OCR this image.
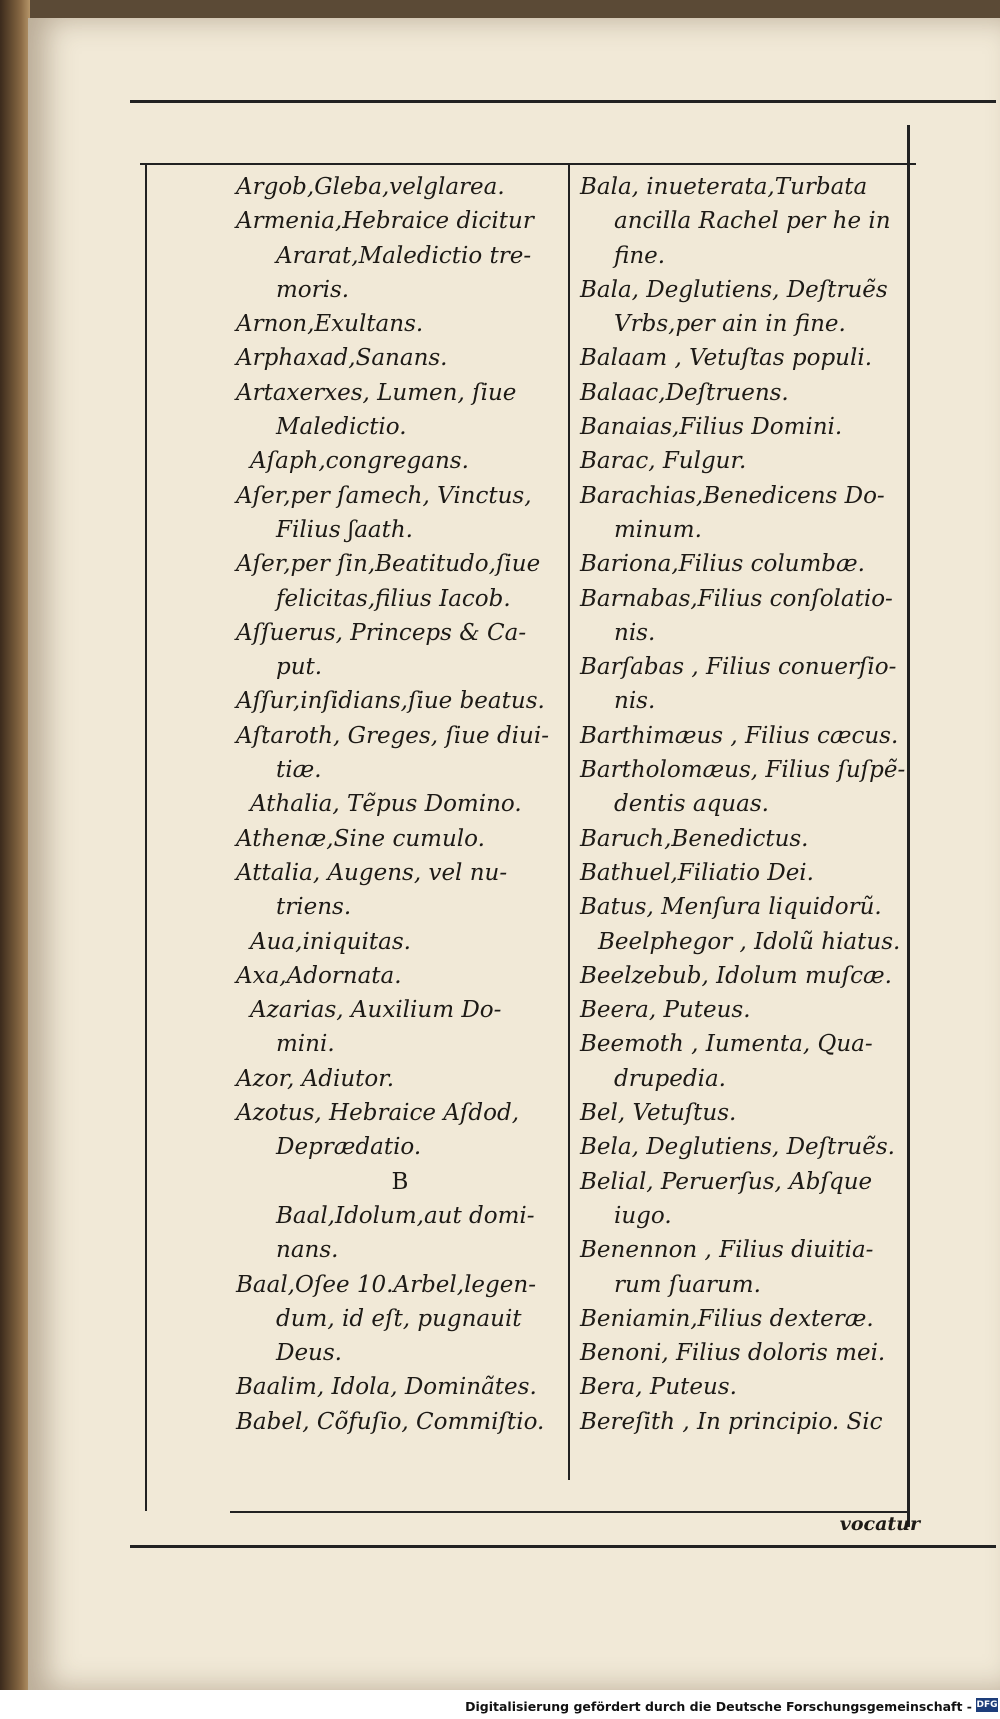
Argob,Gleba,velglarea.
Armenia,Hebraice dicitur
Ararat,Maledictio tre-
moris.
Arnon,Exultans.
Arphaxad,Sanans.
Artaxerxes, Lumen, ſiue
Maledictio.
Aſaph,congregans.
Aſer,per ſamech, Vinctus,
Filius ʃaath.
Aſer,per ſin,Beatitudo,ſiue
felicitas,filius Iacob.
Aſſuerus, Princeps & Ca-
put.
Aſſur,inſidians,ſiue beatus.
Aſtaroth, Greges, ſiue diui-
tiæ.
Athalia, Tẽpus Domino.
Athenæ,Sine cumulo.
Attalia, Augens, vel nu-
triens.
Aua,iniquitas.
Axa,Adornata.
Azarias, Auxilium Do-
mini.
Azor, Adiutor.
Azotus, Hebraice Aſdod,
Deprædatio.
B
Baal,Idolum,aut domi-
nans.
Baal,Oſee 10.Arbel,legen-
dum, id eſt, pugnauit
Deus.
Baalim, Idola, Dominãtes.
Babel, Cõfuſio, Commiſtio.
Bala, inueterata,Turbata
ancilla Rachel per he in
fine.
Bala, Deglutiens, Deſtruẽs
Vrbs,per ain in fine.
Balaam , Vetuſtas populi.
Balaac,Deſtruens.
Banaias,Filius Domini.
Barac, Fulgur.
Barachias,Benedicens Do-
minum.
Bariona,Filius columbæ.
Barnabas,Filius conſolatio-
nis.
Barſabas , Filius conuerſio-
nis.
Barthimæus , Filius cæcus.
Bartholomæus, Filius ſuſpẽ-
dentis aquas.
Baruch,Benedictus.
Bathuel,Filiatio Dei.
Batus, Menſura liquidorũ.
Beelphegor , Idolũ hiatus.
Beelzebub, Idolum muſcæ.
Beera, Puteus.
Beemoth , Iumenta, Qua-
drupedia.
Bel, Vetuſtus.
Bela, Deglutiens, Deſtruẽs.
Belial, Peruerſus, Abſque
iugo.
Benennon , Filius diuitia-
rum ſuarum.
Beniamin,Filius dexteræ.
Benoni, Filius doloris mei.
Bera, Puteus.
Bereſith , In principio. Sic
vocatur
Digitalisierung gefördert durch die Deutsche Forschungsgemeinschaft - DFG
